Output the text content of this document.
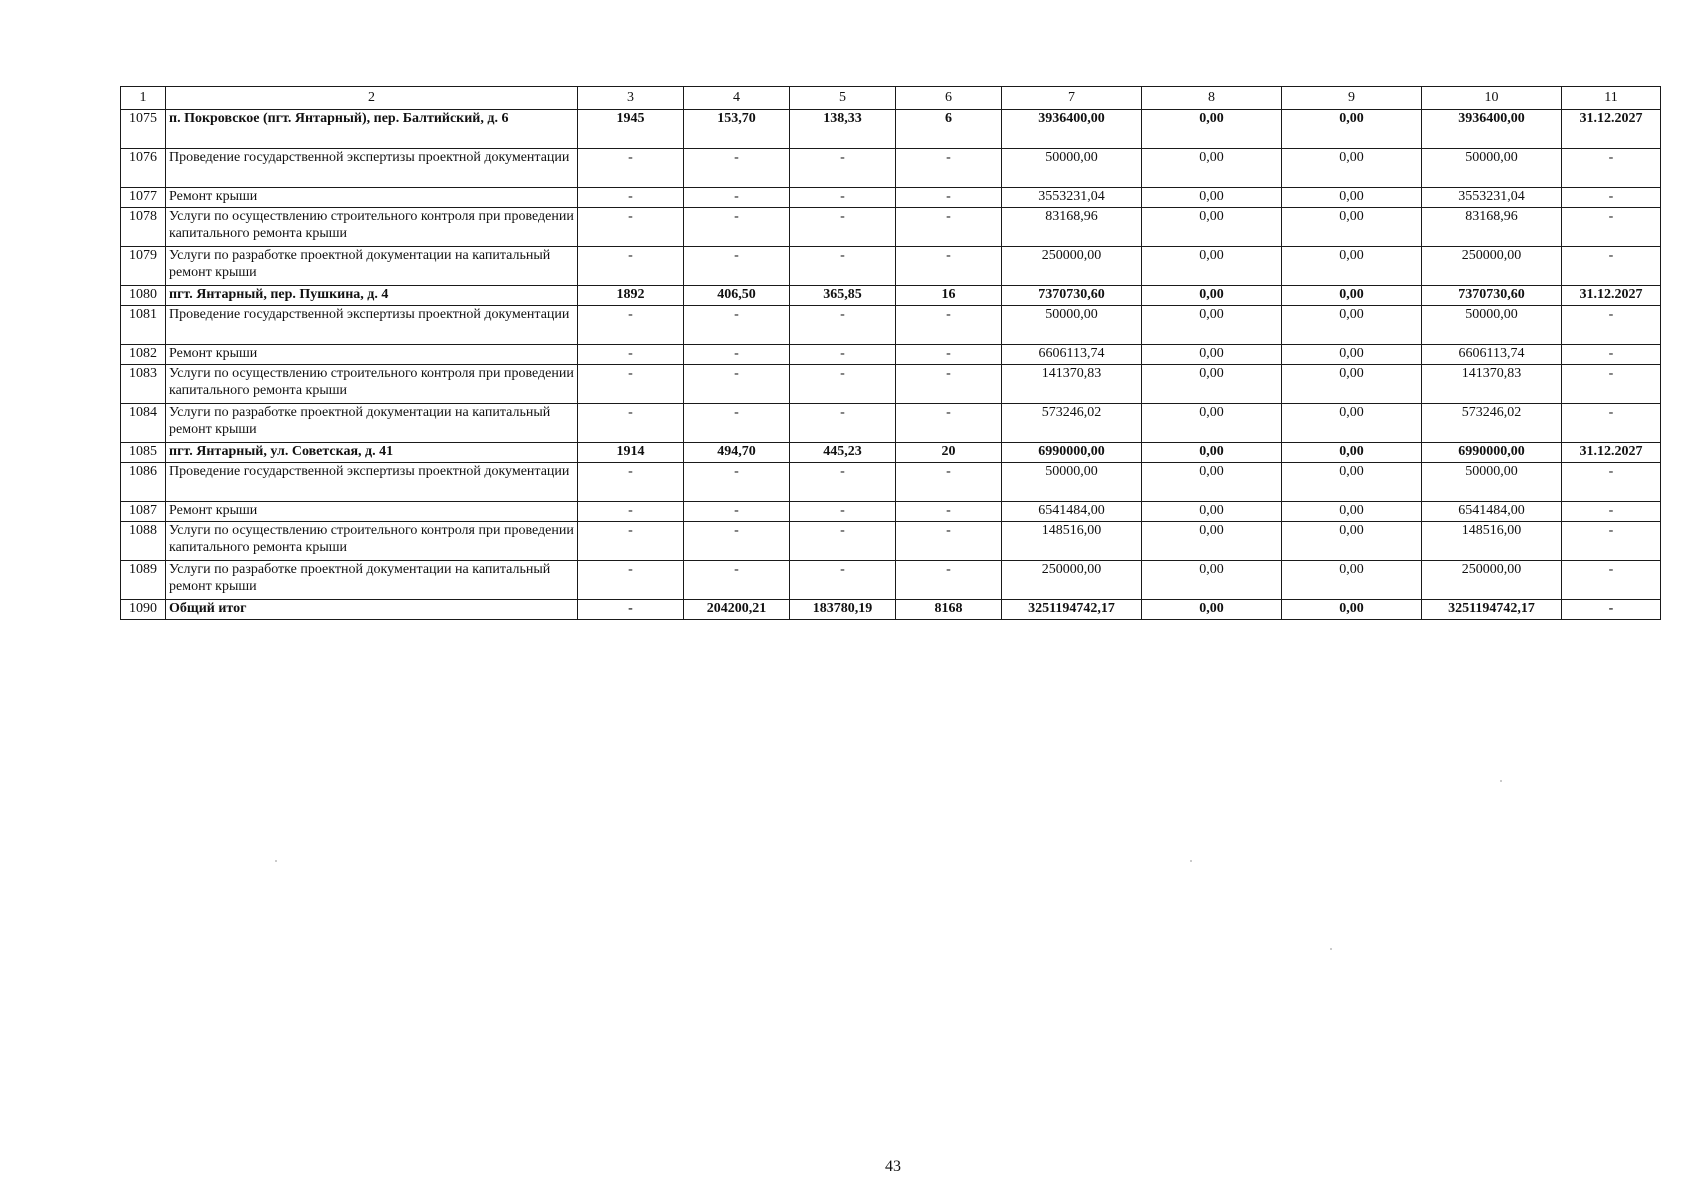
1	2	3	4	5	6	7	8	9	10	11
1075	п. Покровское (пгт. Янтарный), пер. Балтийский, д. 6	1945	153,70	138,33	6	3936400,00	0,00	0,00	3936400,00	31.12.2027
1076	Проведение государственной экспертизы проектной документации	-	-	-	-	50000,00	0,00	0,00	50000,00	-
1077	Ремонт крыши	-	-	-	-	3553231,04	0,00	0,00	3553231,04	-
1078	Услуги по осуществлению строительного контроля при проведении капитального ремонта крыши	-	-	-	-	83168,96	0,00	0,00	83168,96	-
1079	Услуги по разработке проектной документации на капитальный ремонт крыши	-	-	-	-	250000,00	0,00	0,00	250000,00	-
1080	пгт. Янтарный, пер. Пушкина, д. 4	1892	406,50	365,85	16	7370730,60	0,00	0,00	7370730,60	31.12.2027
1081	Проведение государственной экспертизы проектной документации	-	-	-	-	50000,00	0,00	0,00	50000,00	-
1082	Ремонт крыши	-	-	-	-	6606113,74	0,00	0,00	6606113,74	-
1083	Услуги по осуществлению строительного контроля при проведении капитального ремонта крыши	-	-	-	-	141370,83	0,00	0,00	141370,83	-
1084	Услуги по разработке проектной документации на капитальный ремонт крыши	-	-	-	-	573246,02	0,00	0,00	573246,02	-
1085	пгт. Янтарный, ул. Советская, д. 41	1914	494,70	445,23	20	6990000,00	0,00	0,00	6990000,00	31.12.2027
1086	Проведение государственной экспертизы проектной документации	-	-	-	-	50000,00	0,00	0,00	50000,00	-
1087	Ремонт крыши	-	-	-	-	6541484,00	0,00	0,00	6541484,00	-
1088	Услуги по осуществлению строительного контроля при проведении капитального ремонта крыши	-	-	-	-	148516,00	0,00	0,00	148516,00	-
1089	Услуги по разработке проектной документации на капитальный ремонт крыши	-	-	-	-	250000,00	0,00	0,00	250000,00	-
1090	Общий итог	-	204200,21	183780,19	8168	3251194742,17	0,00	0,00	3251194742,17	-
43
